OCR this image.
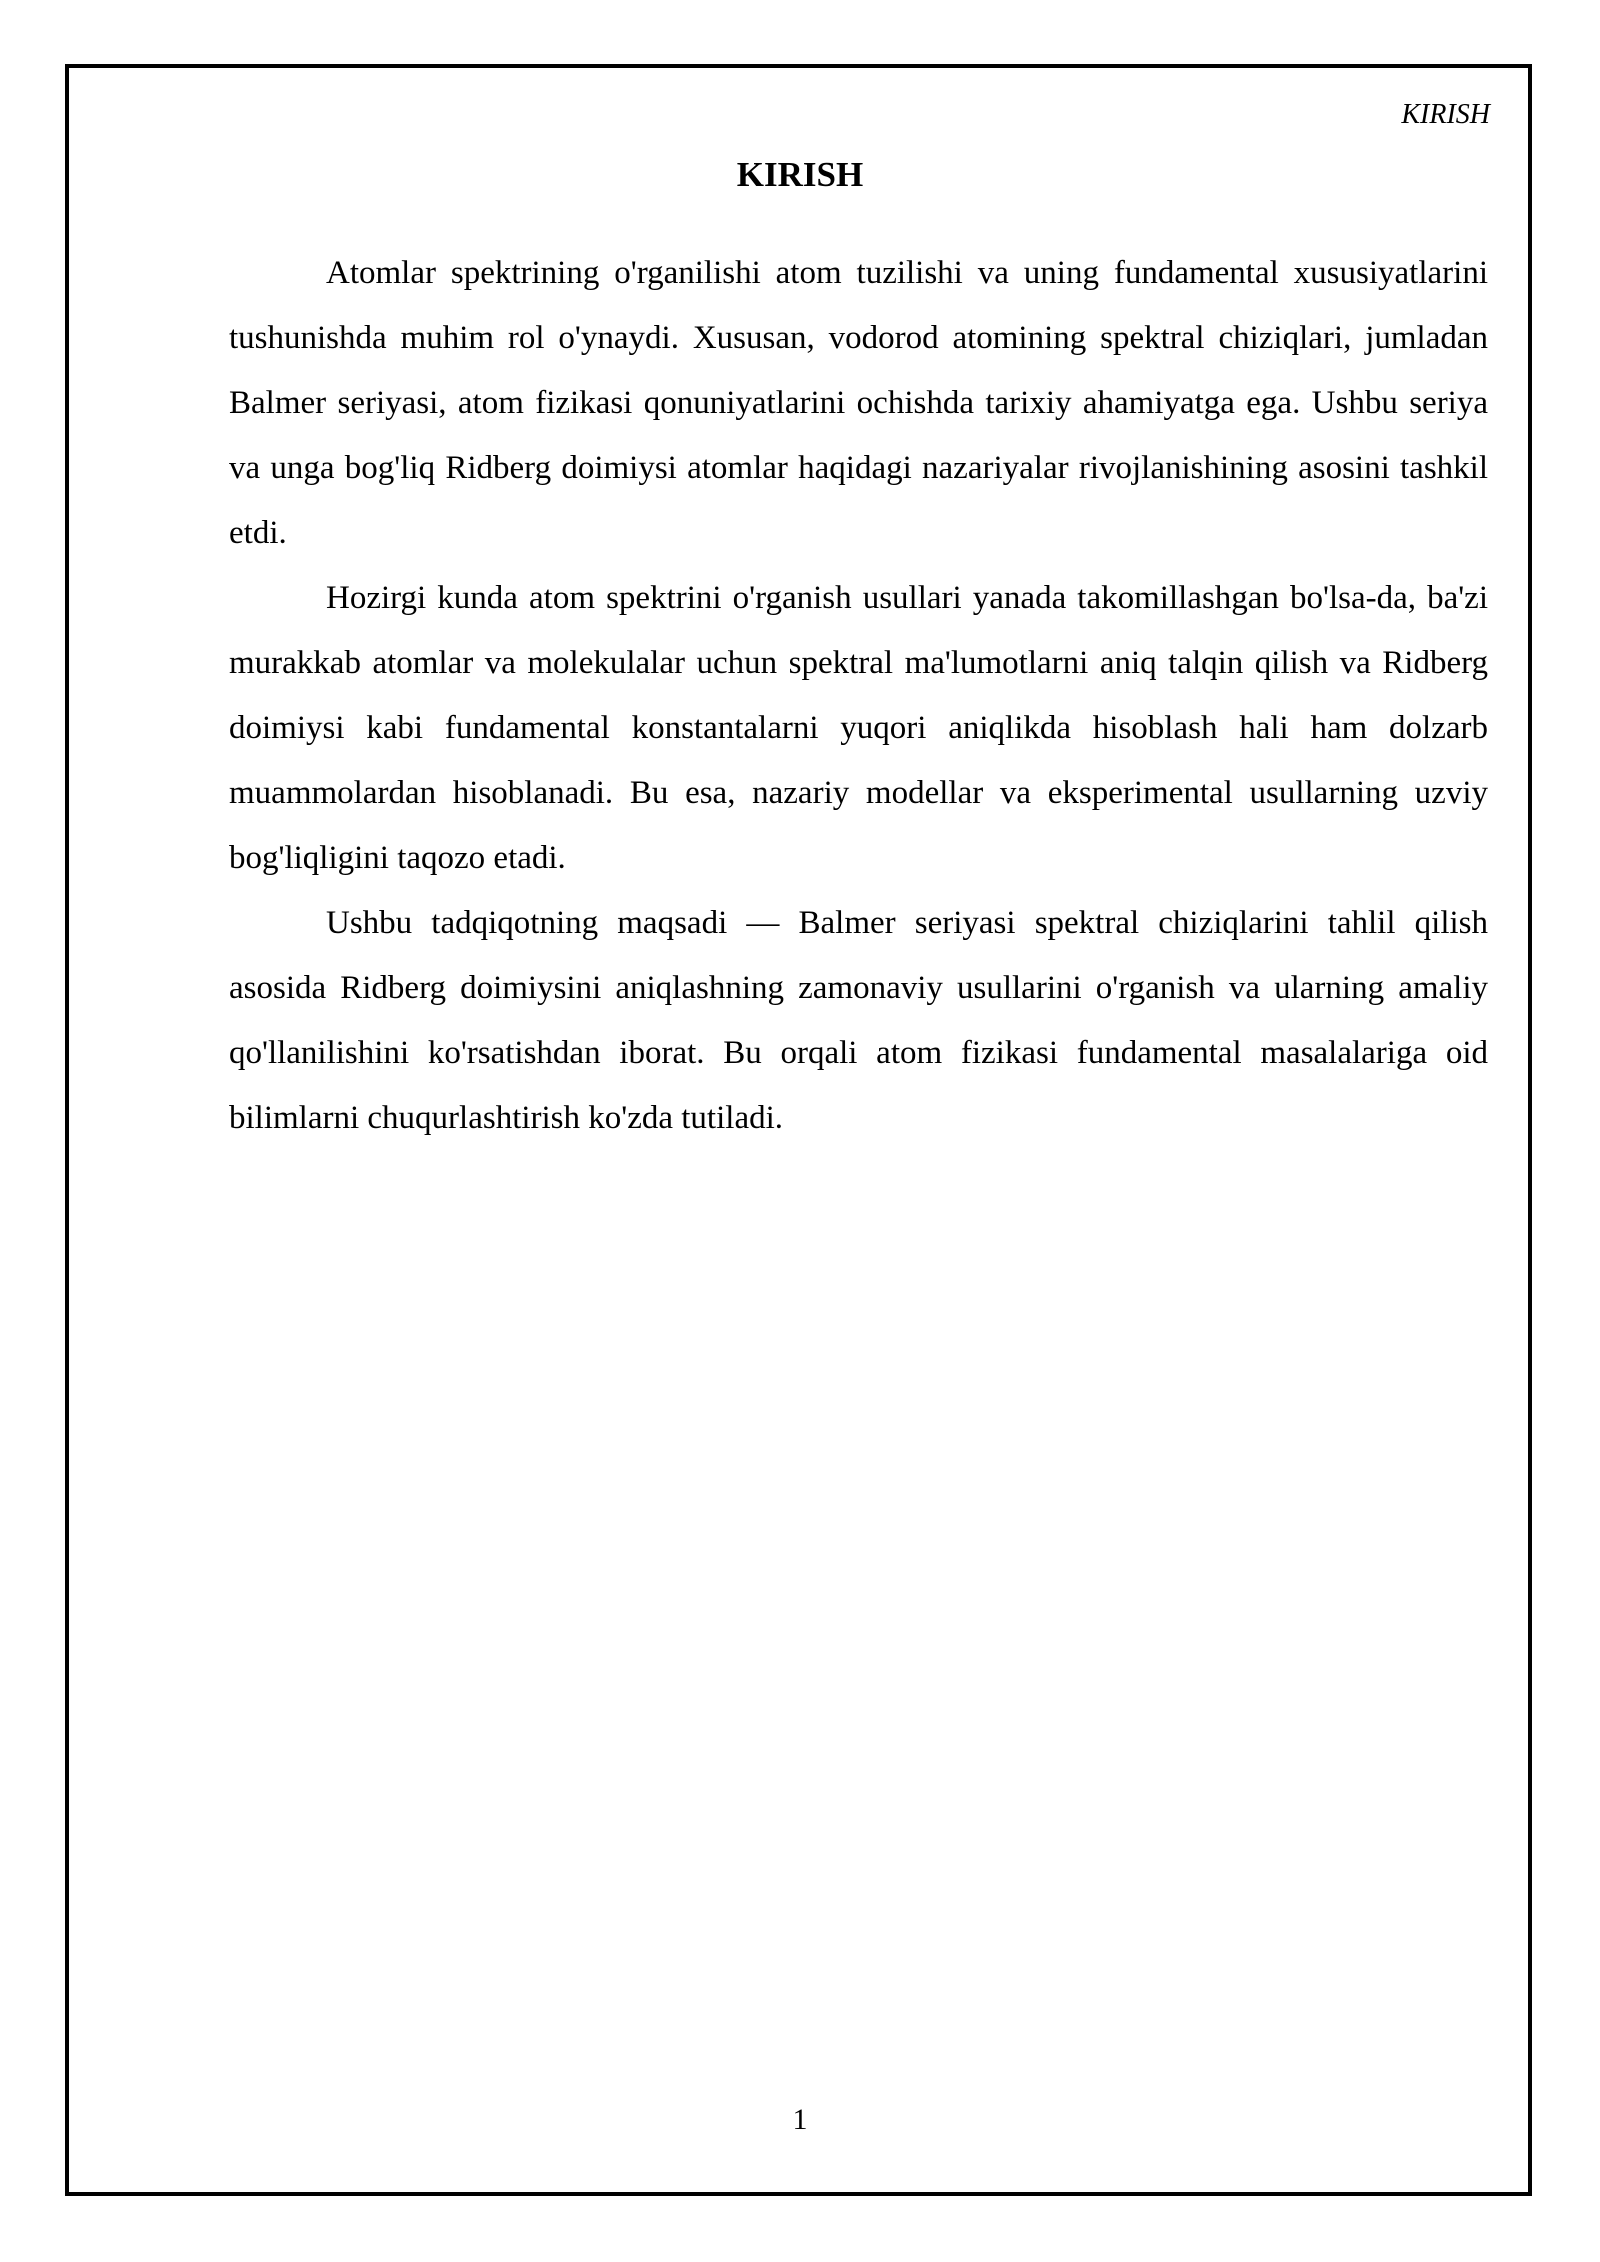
KIRISH
KIRISH

Atomlar spektrining o'rganilishi atom tuzilishi va uning fundamental xususiyatlarini tushunishda muhim rol o'ynaydi. Xususan, vodorod atomining spektral chiziqlari, jumladan Balmer seriyasi, atom fizikasi qonuniyatlarini ochishda tarixiy ahamiyatga ega. Ushbu seriya va unga bog'liq Ridberg doimiysi atomlar haqidagi nazariyalar rivojlanishining asosini tashkil etdi.

Hozirgi kunda atom spektrini o'rganish usullari yanada takomillashgan bo'lsa-da, ba'zi murakkab atomlar va molekulalar uchun spektral ma'lumotlarni aniq talqin qilish va Ridberg doimiysi kabi fundamental konstantalarni yuqori aniqlikda hisoblash hali ham dolzarb muammolardan hisoblanadi. Bu esa, nazariy modellar va eksperimental usullarning uzviy bog'liqligini taqozo etadi.

Ushbu tadqiqotning maqsadi — Balmer seriyasi spektral chiziqlarini tahlil qilish asosida Ridberg doimiysini aniqlashning zamonaviy usullarini o'rganish va ularning amaliy qo'llanilishini ko'rsatishdan iborat. Bu orqali atom fizikasi fundamental masalalariga oid bilimlarni chuqurlashtirish ko'zda tutiladi.

1
